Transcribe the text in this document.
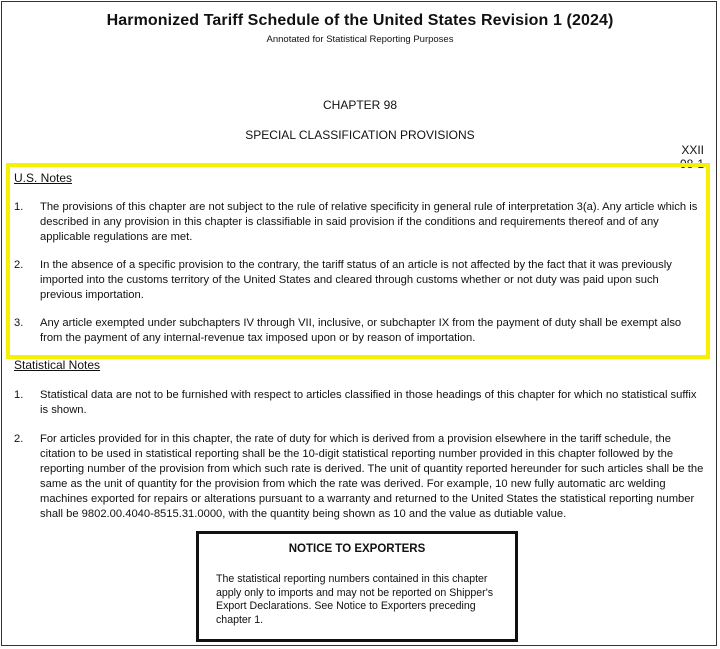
Harmonized Tariff Schedule of the United States Revision 1 (2024)
Annotated for Statistical Reporting Purposes
CHAPTER 98
SPECIAL CLASSIFICATION PROVISIONS
XXII
98-1
U.S. Notes
1. The provisions of this chapter are not subject to the rule of relative specificity in general rule of interpretation 3(a). Any article which is described in any provision in this chapter is classifiable in said provision if the conditions and requirements thereof and of any applicable regulations are met.
2. In the absence of a specific provision to the contrary, the tariff status of an article is not affected by the fact that it was previously imported into the customs territory of the United States and cleared through customs whether or not duty was paid upon such previous importation.
3. Any article exempted under subchapters IV through VII, inclusive, or subchapter IX from the payment of duty shall be exempt also from the payment of any internal-revenue tax imposed upon or by reason of importation.
Statistical Notes
1. Statistical data are not to be furnished with respect to articles classified in those headings of this chapter for which no statistical suffix is shown.
2. For articles provided for in this chapter, the rate of duty for which is derived from a provision elsewhere in the tariff schedule, the citation to be used in statistical reporting shall be the 10-digit statistical reporting number provided in this chapter followed by the reporting number of the provision from which such rate is derived. The unit of quantity reported hereunder for such articles shall be the same as the unit of quantity for the provision from which the rate was derived. For example, 10 new fully automatic arc welding machines exported for repairs or alterations pursuant to a warranty and returned to the United States the statistical reporting number shall be 9802.00.4040-8515.31.0000, with the quantity being shown as 10 and the value as dutiable value.
NOTICE TO EXPORTERS
The statistical reporting numbers contained in this chapter apply only to imports and may not be reported on Shipper's Export Declarations. See Notice to Exporters preceding chapter 1.
